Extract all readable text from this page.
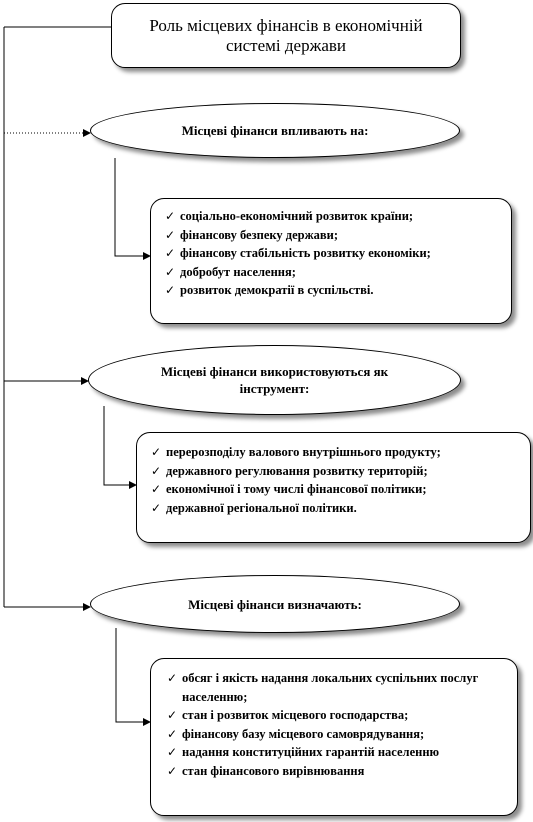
Роль місцевих фінансів в економічній системі держави
Місцеві фінанси впливають на:
✓ соціально-економічний розвиток країни;
✓ фінансову безпеку держави;
✓ фінансову стабільність розвитку економіки;
✓ добробут населення;
✓ розвиток демократії в суспільстві.
Місцеві фінанси використовуються як інструмент:
✓ перерозподілу валового внутрішнього продукту;
✓ державного регулювання розвитку територій;
✓ економічної і тому числі фінансової політики;
✓ державної регіональної політики.
Місцеві фінанси визначають:
✓ обсяг і якість надання локальних суспільних послуг населенню;
✓ стан і розвиток місцевого господарства;
✓ фінансову базу місцевого самоврядування;
✓ надання конституційних гарантій населенню
✓ стан фінансового вирівнювання
